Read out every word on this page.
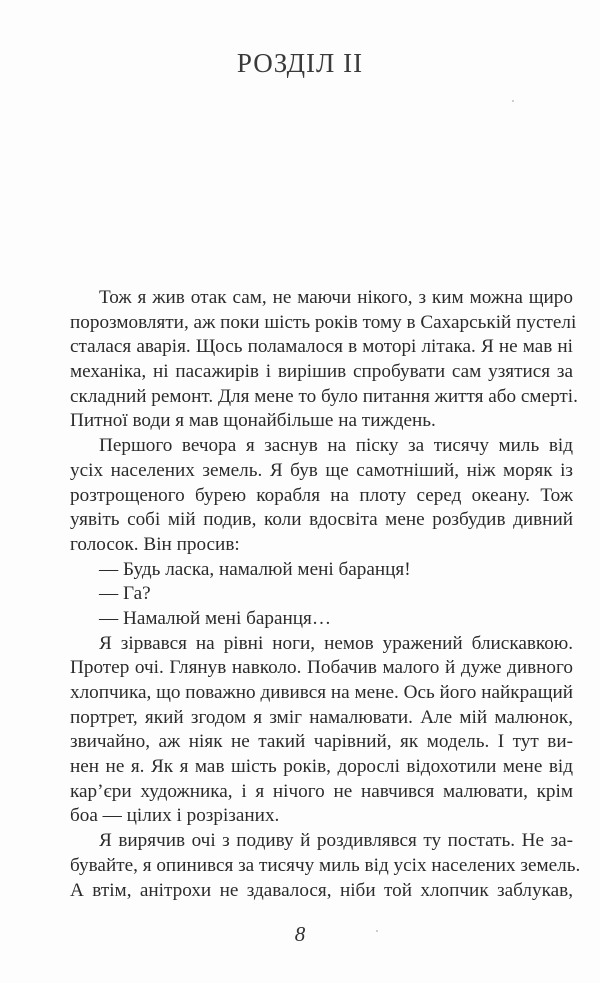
РОЗДІЛ II
Тож я жив отак сам, не маючи нікого, з ким можна щиро
порозмовляти, аж поки шість років тому в Сахарській пустелі
сталася аварія. Щось поламалося в моторі літака. Я не мав ні
механіка, ні пасажирів і вирішив спробувати сам узятися за
складний ремонт. Для мене то було питання життя або смерті.
Питної води я мав щонайбільше на тиждень.
Першого вечора я заснув на піску за тисячу миль від
усіх населених земель. Я був ще самотніший, ніж моряк із
розтрощеного бурею корабля на плоту серед океану. Тож
уявіть собі мій подив, коли вдосвіта мене розбудив дивний
голосок. Він просив:
— Будь ласка, намалюй мені баранця!
— Га?
— Намалюй мені баранця…
Я зірвався на рівні ноги, немов уражений блискавкою.
Протер очі. Глянув навколо. Побачив малого й дуже дивного
хлопчика, що поважно дивився на мене. Ось його найкращий
портрет, який згодом я зміг намалювати. Але мій малюнок,
звичайно, аж ніяк не такий чарівний, як модель. І тут ви-
нен не я. Як я мав шість років, дорослі відохотили мене від
кар’єри художника, і я нічого не навчився малювати, крім
боа — цілих і розрізаних.
Я вирячив очі з подиву й роздивлявся ту постать. Не за-
бувайте, я опинився за тисячу миль від усіх населених земель.
А втім, анітрохи не здавалося, ніби той хлопчик заблукав,
8
